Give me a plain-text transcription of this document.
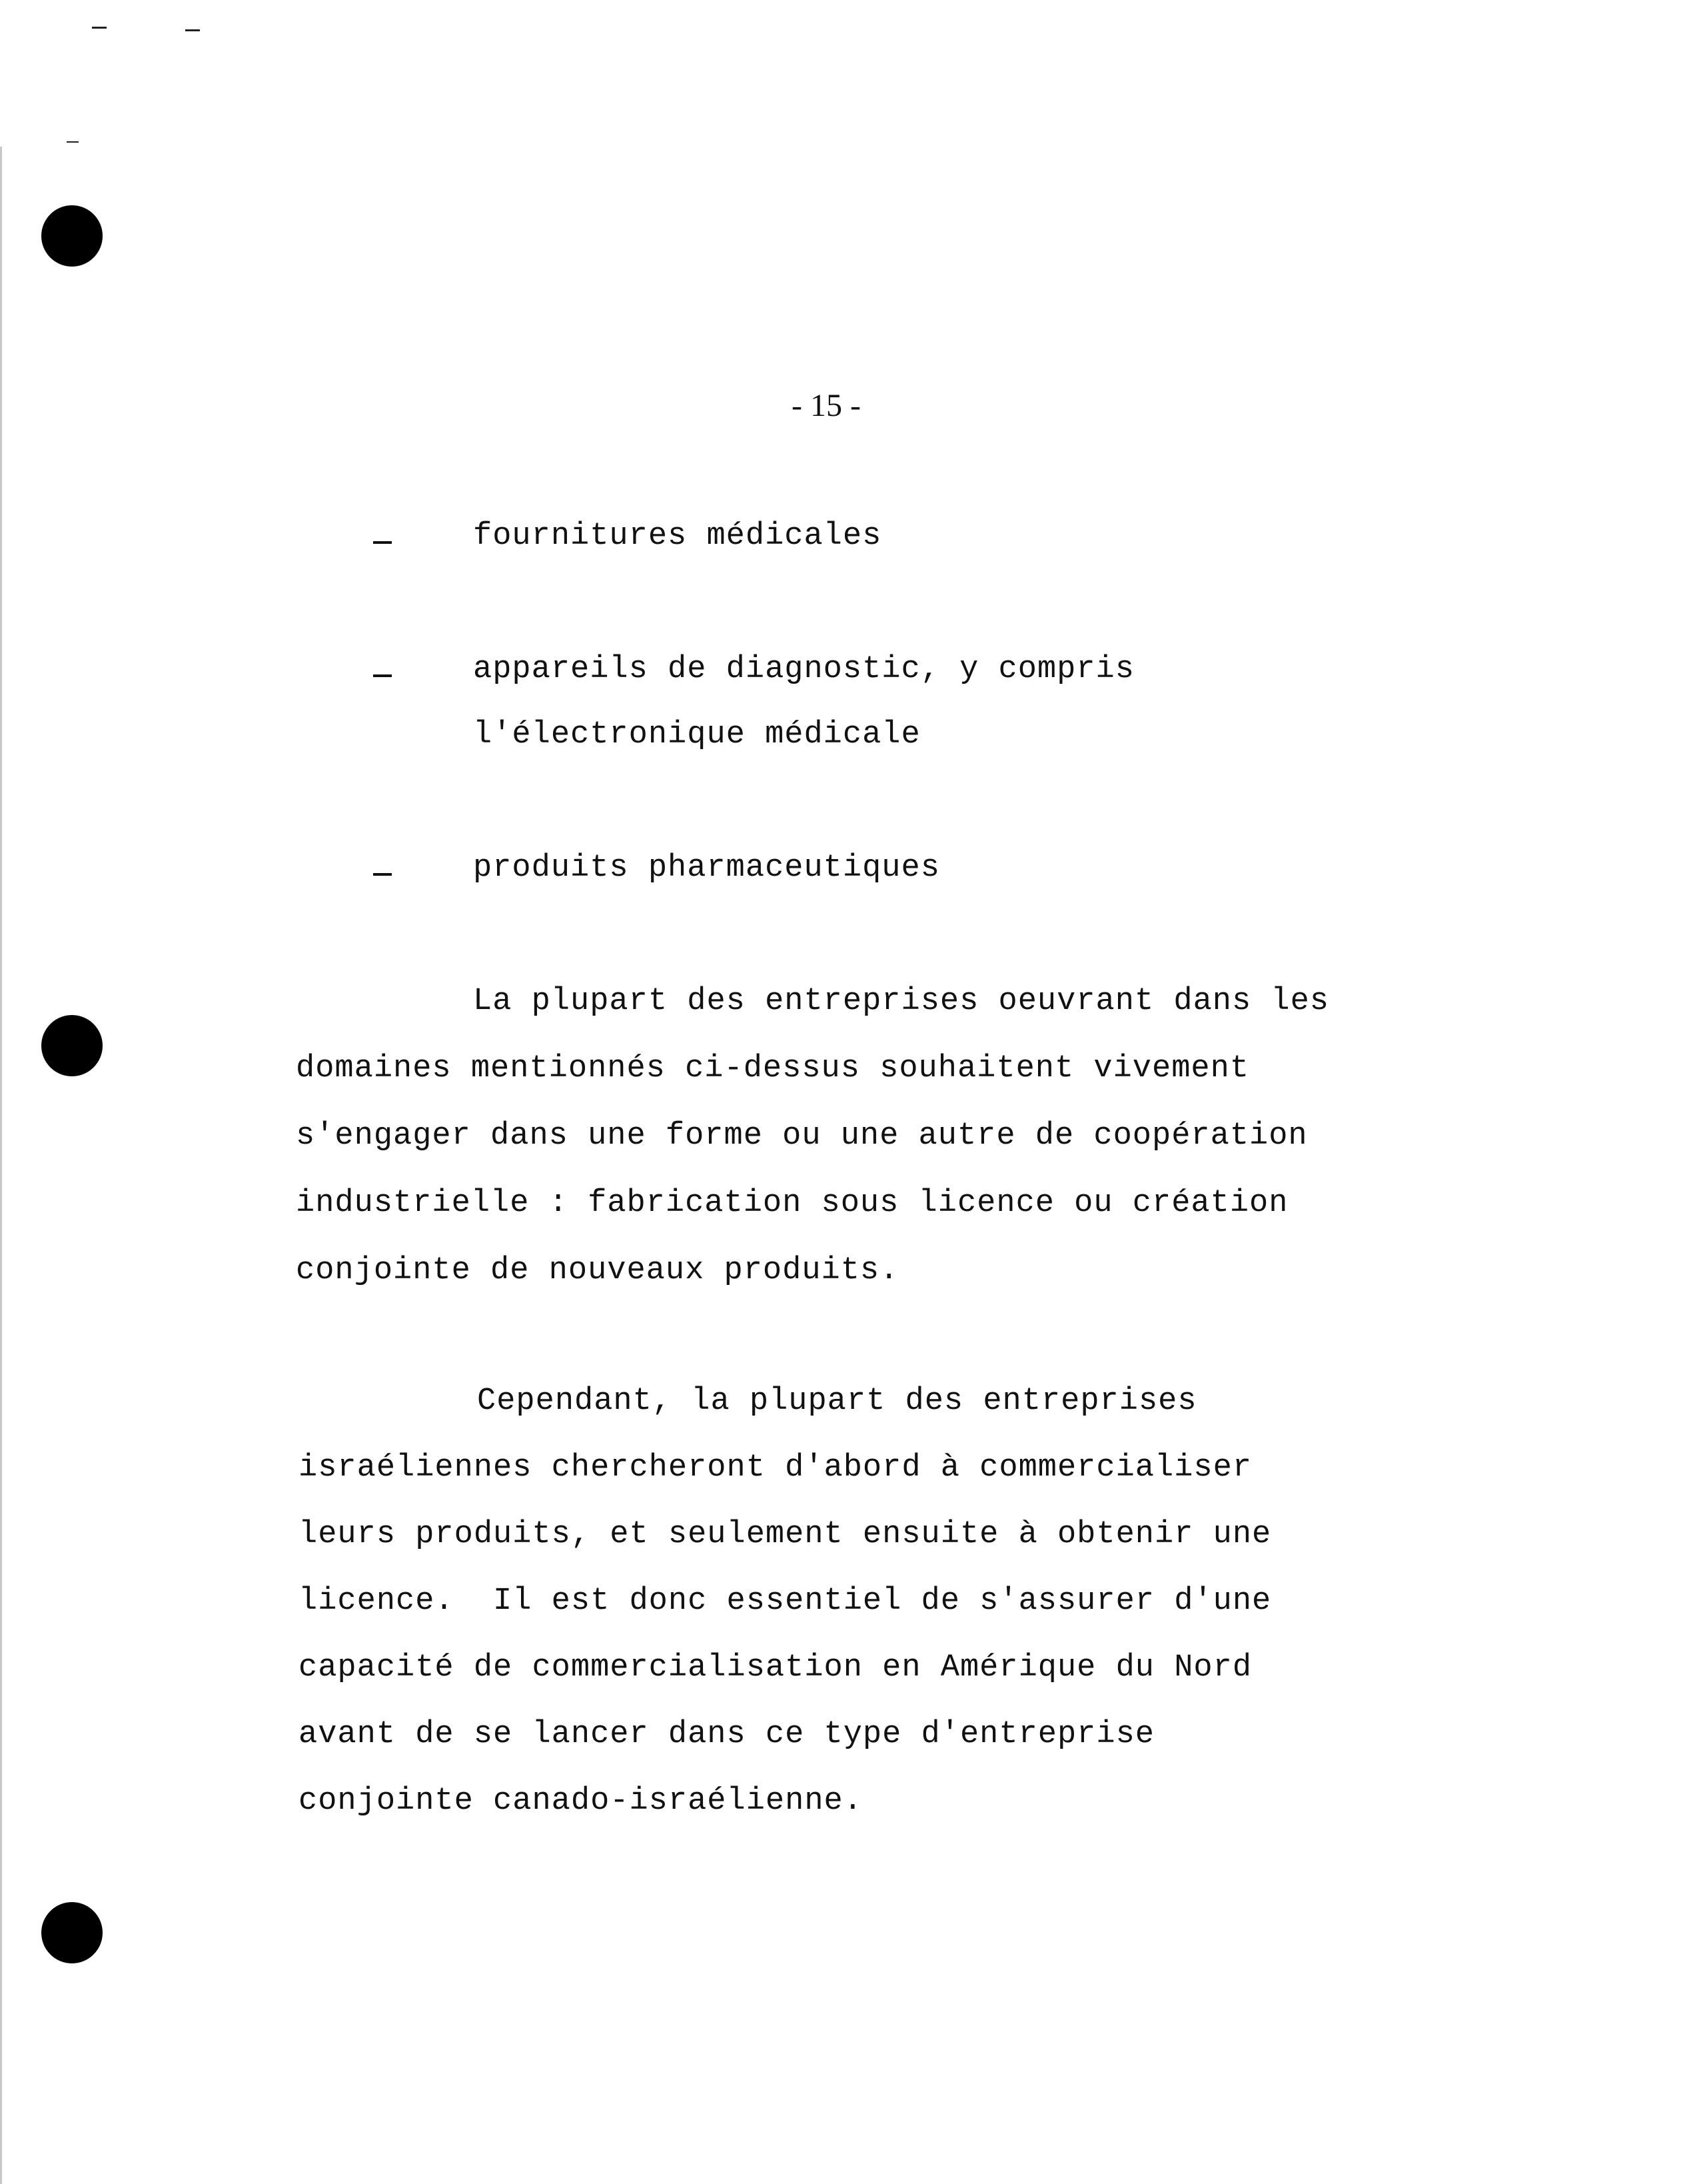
- 15 -
fournitures médicales
appareils de diagnostic, y compris
l'électronique médicale
produits pharmaceutiques
La plupart des entreprises oeuvrant dans les
domaines mentionnés ci-dessus souhaitent vivement
s'engager dans une forme ou une autre de coopération
industrielle : fabrication sous licence ou création
conjointe de nouveaux produits.
Cependant, la plupart des entreprises
israéliennes chercheront d'abord à commercialiser
leurs produits, et seulement ensuite à obtenir une
licence.  Il est donc essentiel de s'assurer d'une
capacité de commercialisation en Amérique du Nord
avant de se lancer dans ce type d'entreprise
conjointe canado-israélienne.
